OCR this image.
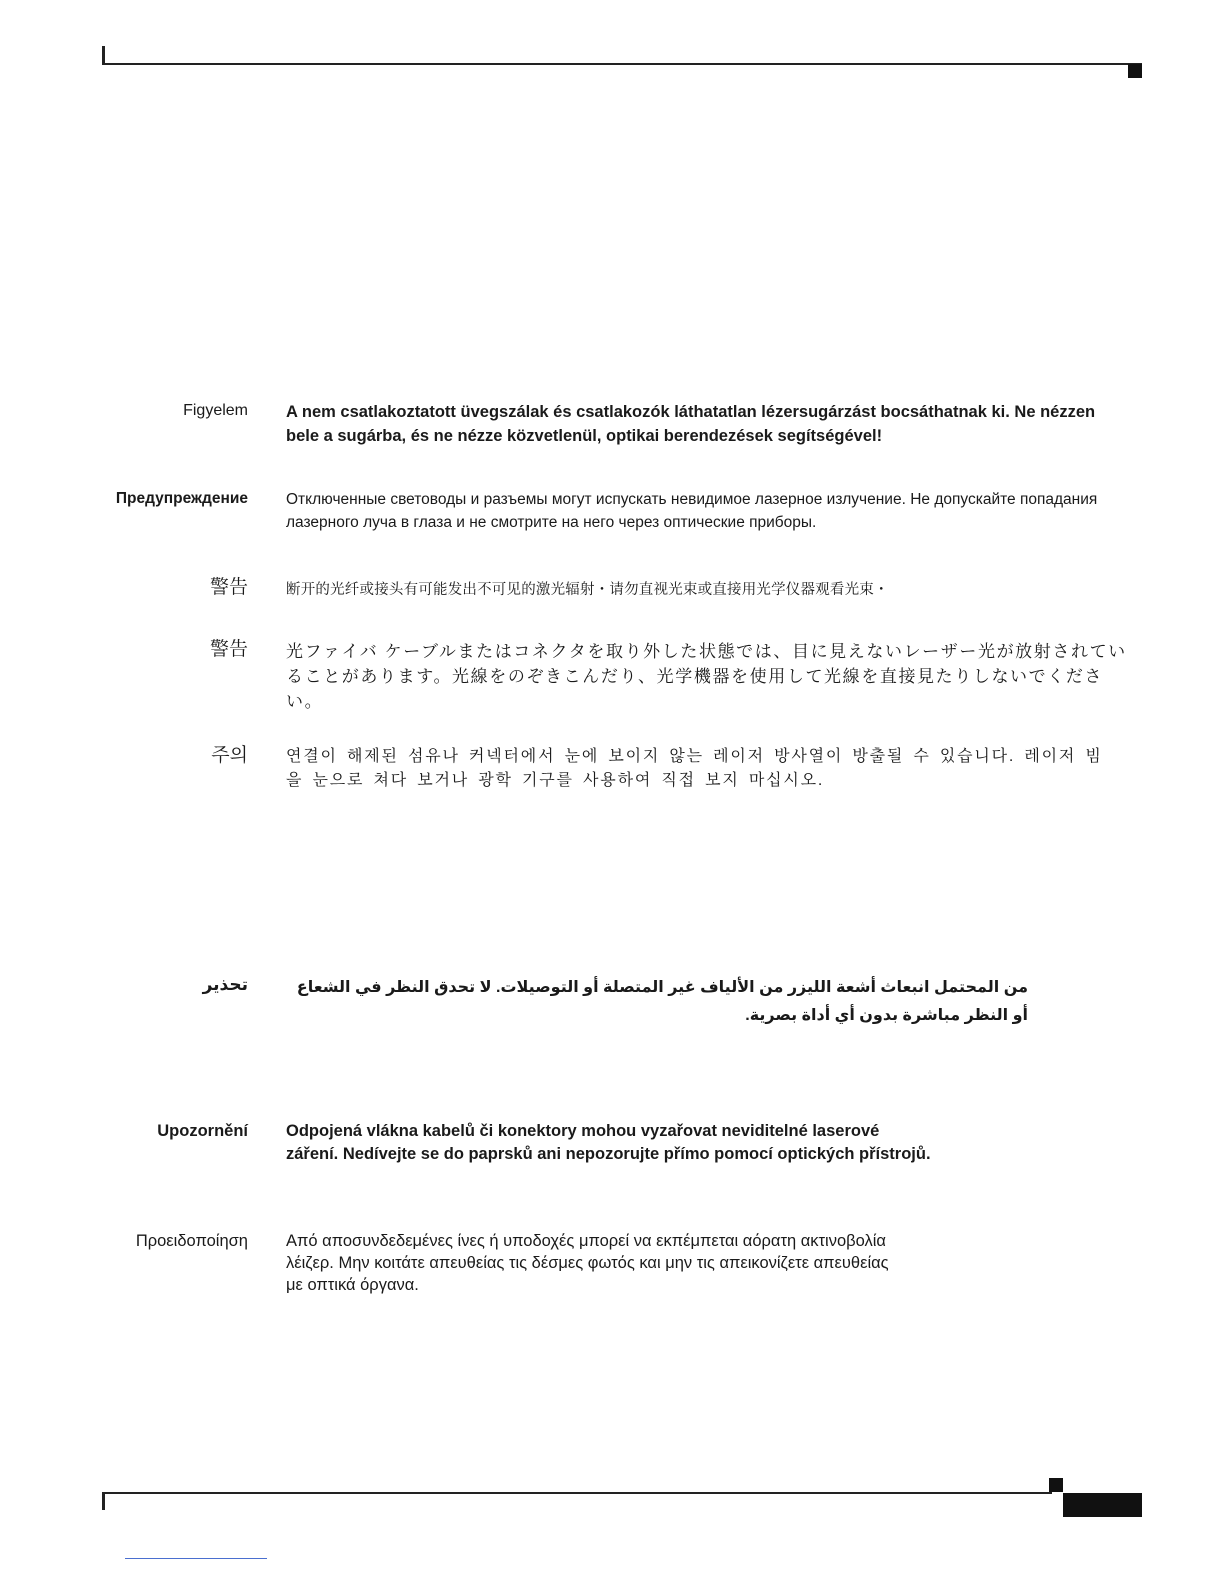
Figyelem A nem csatlakoztatott üvegszálak és csatlakozók láthatatlan lézersugárzást bocsáthatnak ki. Ne nézzen bele a sugárba, és ne nézze közvetlenül, optikai berendezések segítségével!
Предупреждение Отключенные световоды и разъемы могут испускать невидимое лазерное излучение. Не допускайте попадания лазерного луча в глаза и не смотрите на него через оптические приборы.
警告	断开的光纤或接头有可能发出不可见的激光辐射・请勿直视光束或直接用光学仪器观看光束・
警告 光ファイバ ケーブルまたはコネクタを取り外した状態では、目に見えないレーザー光が放射されていることがあります。光線をのぞきこんだり、光学機器を使用して光線を直接見たりしないでください。
주의 연결이 해제된 섬유나 커넥터에서 눈에 보이지 않는 레이저 방사열이 방출될 수 있습니다. 레이저 빔을 눈으로 쳐다 보거나 광학 기구를 사용하여 직접 보지 마십시오.
تحذير	من المحتمل انبعاث أشعة الليزر من الألياف غير المتصلة أو التوصيلات. لا تحدق النظر في الشعاع أو النظر مباشرة بدون أي أداة بصرية.
Upozornění Odpojená vlákna kabelů či konektory mohou vyzařovat neviditelné laserové záření. Nedívejte se do paprsků ani nepozorujte přímo pomocí optických přístrojů.
Προειδοποίηση Από αποσυνδεδεμένες ίνες ή υποδοχές μπορεί να εκπέμπεται αόρατη ακτινοβολία λέιζερ. Μην κοιτάτε απευθείας τις δέσμες φωτός και μην τις απεικονίζετε απευθείας με οπτικά όργανα.
